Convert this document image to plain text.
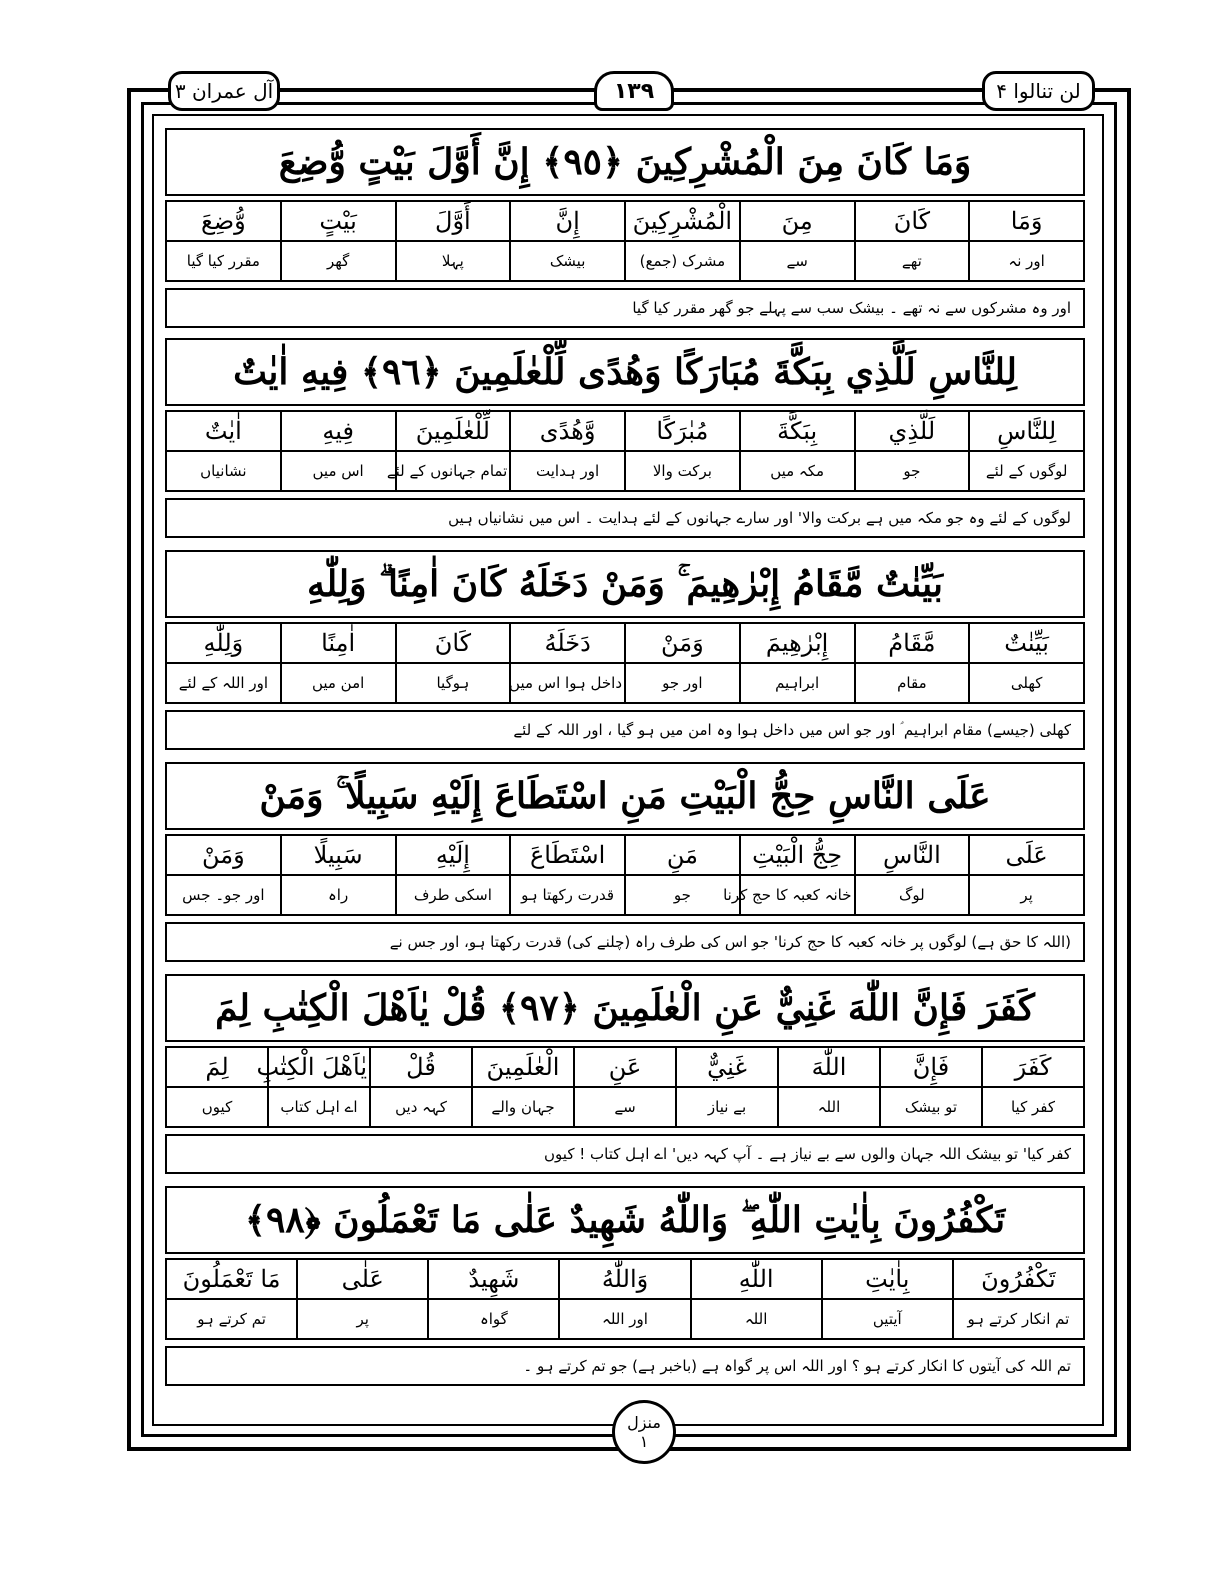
آل عمران ۳	١٣٩	لن تنالوا ۴
وَمَا كَانَ مِنَ الْمُشْرِكِينَ ﴿٩٥﴾ إِنَّ أَوَّلَ بَيْتٍ وُّضِعَ
وَمَا	كَانَ	مِنَ	الْمُشْرِكِينَ	إِنَّ	أَوَّلَ	بَيْتٍ	وُّضِعَ
اور نہ	تھے	سے	مشرک (جمع)	بیشک	پہلا	گھر	مقرر کیا گیا
اور وہ مشرکوں سے نہ تھے ۔ بیشک سب سے پہلے جو گھر مقرر کیا گیا
لِلنَّاسِ لَلَّذِي بِبَكَّةَ مُبَارَكًا وَهُدًى لِّلْعٰلَمِينَ ﴿٩٦﴾ فِيهِ اٰيٰتٌ
لِلنَّاسِ	لَلَّذِي	بِبَكَّةَ	مُبٰرَكًا	وَّهُدًى	لِّلْعٰلَمِينَ	فِيهِ	اٰيٰتٌ
لوگوں کے لئے	جو	مکہ میں	برکت والا	اور ہدایت	تمام جہانوں کے لئے	اس میں	نشانیاں
لوگوں کے لئے وہ جو مکہ میں ہے برکت والا' اور سارے جہانوں کے لئے ہدایت ۔ اس میں نشانیاں ہیں
بَيِّنٰتٌ مَّقَامُ إِبْرٰهِيمَ ۚ وَمَنْ دَخَلَهُ كَانَ اٰمِنًا ۗ وَلِلّٰهِ
بَيِّنٰتٌ	مَّقَامُ	إِبْرٰهِيمَ	وَمَنْ	دَخَلَهُ	كَانَ	اٰمِنًا	وَلِلّٰهِ
کھلی	مقام	ابراہیم	اور جو	داخل ہوا اس میں	ہوگیا	امن میں	اور اللہ کے لئے
کھلی (جیسے) مقام ابراہیم ؑ اور جو اس میں داخل ہوا وہ امن میں ہو گیا ، اور اللہ کے لئے
عَلَى النَّاسِ حِجُّ الْبَيْتِ مَنِ اسْتَطَاعَ إِلَيْهِ سَبِيلًا ۚ وَمَنْ
عَلَى	النَّاسِ	حِجُّ الْبَيْتِ	مَنِ	اسْتَطَاعَ	إِلَيْهِ	سَبِيلًا	وَمَنْ
پر	لوگ	خانہ کعبہ کا حج کرنا	جو	قدرت رکھتا ہو	اسکی طرف	راہ	اور جو۔ جس
(اللہ کا حق ہے) لوگوں پر خانہ کعبہ کا حج کرنا' جو اس کی طرف راہ (چلنے کی) قدرت رکھتا ہو، اور جس نے
كَفَرَ فَإِنَّ اللّٰهَ غَنِيٌّ عَنِ الْعٰلَمِينَ ﴿٩٧﴾ قُلْ يٰاَهْلَ الْكِتٰبِ لِمَ
كَفَرَ	فَإِنَّ	اللّٰهَ	غَنِيٌّ	عَنِ	الْعٰلَمِينَ	قُلْ	يٰاَهْلَ الْكِتٰبِ	لِمَ
کفر کیا	تو بیشک	اللہ	بے نیاز	سے	جہان والے	کہہ دیں	اے اہل کتاب	کیوں
کفر کیا' تو بیشک اللہ جہان والوں سے بے نیاز ہے ۔ آپ کہہ دیں' اے اہل کتاب ! کیوں
تَكْفُرُونَ بِاٰيٰتِ اللّٰهِ ۖ وَاللّٰهُ شَهِيدٌ عَلٰى مَا تَعْمَلُونَ ﴿٩٨﴾
تَكْفُرُونَ	بِاٰيٰتِ	اللّٰهِ	وَاللّٰهُ	شَهِيدٌ	عَلٰى	مَا تَعْمَلُونَ
تم انکار کرتے ہو	آیتیں	اللہ	اور اللہ	گواہ	پر	تم کرتے ہو
تم اللہ کی آیتوں کا انکار کرتے ہو ؟ اور اللہ اس پر گواہ ہے (باخبر ہے) جو تم کرتے ہو ۔
منزل
١
